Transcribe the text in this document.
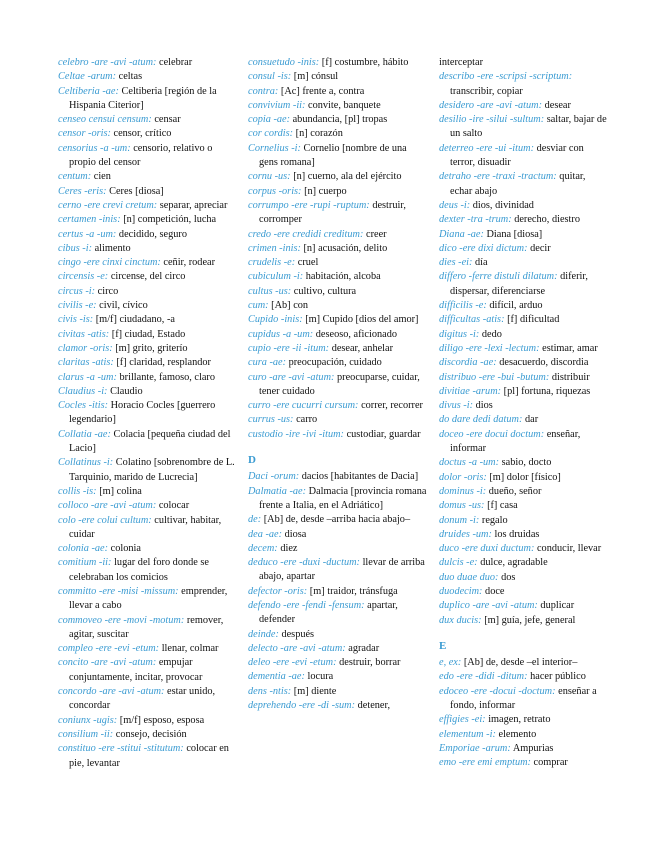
celebro -are -avi -atum: celebrar
Celtae -arum: celtas
Celtiberia -ae: Celtiberia [región de la Hispania Citerior]
censeo censui censum: censar
censor -oris: censor, crítico
censorius -a -um: censorio, relativo o propio del censor
centum: cien
Ceres -eris: Ceres [diosa]
cerno -ere crevi cretum: separar, apreciar
certamen -inis: [n] competición, lucha
certus -a -um: decidido, seguro
cibus -i: alimento
cingo -ere cinxi cinctum: ceñir, rodear
circensis -e: circense, del circo
circus -i: circo
civilis -e: civil, cívico
civis -is: [m/f] ciudadano, -a
civitas -atis: [f] ciudad, Estado
clamor -oris: [m] grito, griterío
claritas -atis: [f] claridad, resplandor
clarus -a -um: brillante, famoso, claro
Claudius -i: Claudio
Cocles -itis: Horacio Cocles [guerrero legendario]
Collatia -ae: Colacia [pequeña ciudad del Lacio]
Collatinus -i: Colatino [sobrenombre de L. Tarquinio, marido de Lucrecia]
collis -is: [m] colina
colloco -are -avi -atum: colocar
colo -ere colui cultum: cultivar, habitar, cuidar
colonia -ae: colonia
comitium -ii: lugar del foro donde se celebraban los comicios
committo -ere -misi -missum: emprender, llevar a cabo
commoveo -ere -movi -motum: remover, agitar, suscitar
compleo -ere -evi -etum: llenar, colmar
concito -are -avi -atum: empujar conjuntamente, incitar, provocar
concordo -are -avi -atum: estar unido, concordar
coniunx -ugis: [m/f] esposo, esposa
consilium -ii: consejo, decisión
constituo -ere -stitui -stitutum: colocar en pie, levantar
consuetudo -inis: [f] costumbre, hábito
consul -is: [m] cónsul
contra: [Ac] frente a, contra
convivium -ii: convite, banquete
copia -ae: abundancia, [pl] tropas
cor cordis: [n] corazón
Cornelius -i: Cornelio [nombre de una gens romana]
cornu -us: [n] cuerno, ala del ejército
corpus -oris: [n] cuerpo
corrumpo -ere -rupi -ruptum: destruir, corromper
credo -ere credidi creditum: creer
crimen -inis: [n] acusación, delito
crudelis -e: cruel
cubiculum -i: habitación, alcoba
cultus -us: cultivo, cultura
cum: [Ab] con
Cupido -inis: [m] Cupido [dios del amor]
cupidus -a -um: deseoso, aficionado
cupio -ere -ii -itum: desear, anhelar
cura -ae: preocupación, cuidado
curo -are -avi -atum: preocuparse, cuidar, tener cuidado
curro -ere cucurri cursum: correr, recorrer
currus -us: carro
custodio -ire -ivi -itum: custodiar, guardar
D
Daci -orum: dacios [habitantes de Dacia]
Dalmatia -ae: Dalmacia [provincia romana frente a Italia, en el Adriático]
de: [Ab] de, desde –arriba hacia abajo–
dea -ae: diosa
decem: diez
deduco -ere -duxi -ductum: llevar de arriba abajo, apartar
defector -oris: [m] traidor, tránsfuga
defendo -ere -fendi -fensum: apartar, defender
deinde: después
delecto -are -avi -atum: agradar
deleo -ere -evi -etum: destruir, borrar
dementia -ae: locura
dens -ntis: [m] diente
deprehendo -ere -di -sum: detener,
interceptar
describo -ere -scripsi -scriptum: transcribir, copiar
desidero -are -avi -atum: desear
desilio -ire -silui -sultum: saltar, bajar de un salto
deterreo -ere -ui -itum: desviar con terror, disuadir
detraho -ere -traxi -tractum: quitar, echar abajo
deus -i: dios, divinidad
dexter -tra -trum: derecho, diestro
Diana -ae: Diana [diosa]
dico -ere dixi dictum: decir
dies -ei: día
differo -ferre distuli dilatum: diferir, dispersar, diferenciarse
difficilis -e: difícil, arduo
difficultas -atis: [f] dificultad
digitus -i: dedo
diligo -ere -lexi -lectum: estimar, amar
discordia -ae: desacuerdo, discordia
distribuo -ere -bui -butum: distribuir
divitiae -arum: [pl] fortuna, riquezas
divus -i: dios
do dare dedi datum: dar
doceo -ere docui doctum: enseñar, informar
doctus -a -um: sabio, docto
dolor -oris: [m] dolor [físico]
dominus -i: dueño, señor
domus -us: [f] casa
donum -i: regalo
druides -um: los druidas
duco -ere duxi ductum: conducir, llevar
dulcis -e: dulce, agradable
duo duae duo: dos
duodecim: doce
duplico -are -avi -atum: duplicar
dux ducis: [m] guía, jefe, general
E
e, ex: [Ab] de, desde –el interior–
edo -ere -didi -ditum: hacer público
edoceo -ere -docui -doctum: enseñar a fondo, informar
effigies -ei: imagen, retrato
elementum -i: elemento
Emporiae -arum: Ampurias
emo -ere emi emptum: comprar
